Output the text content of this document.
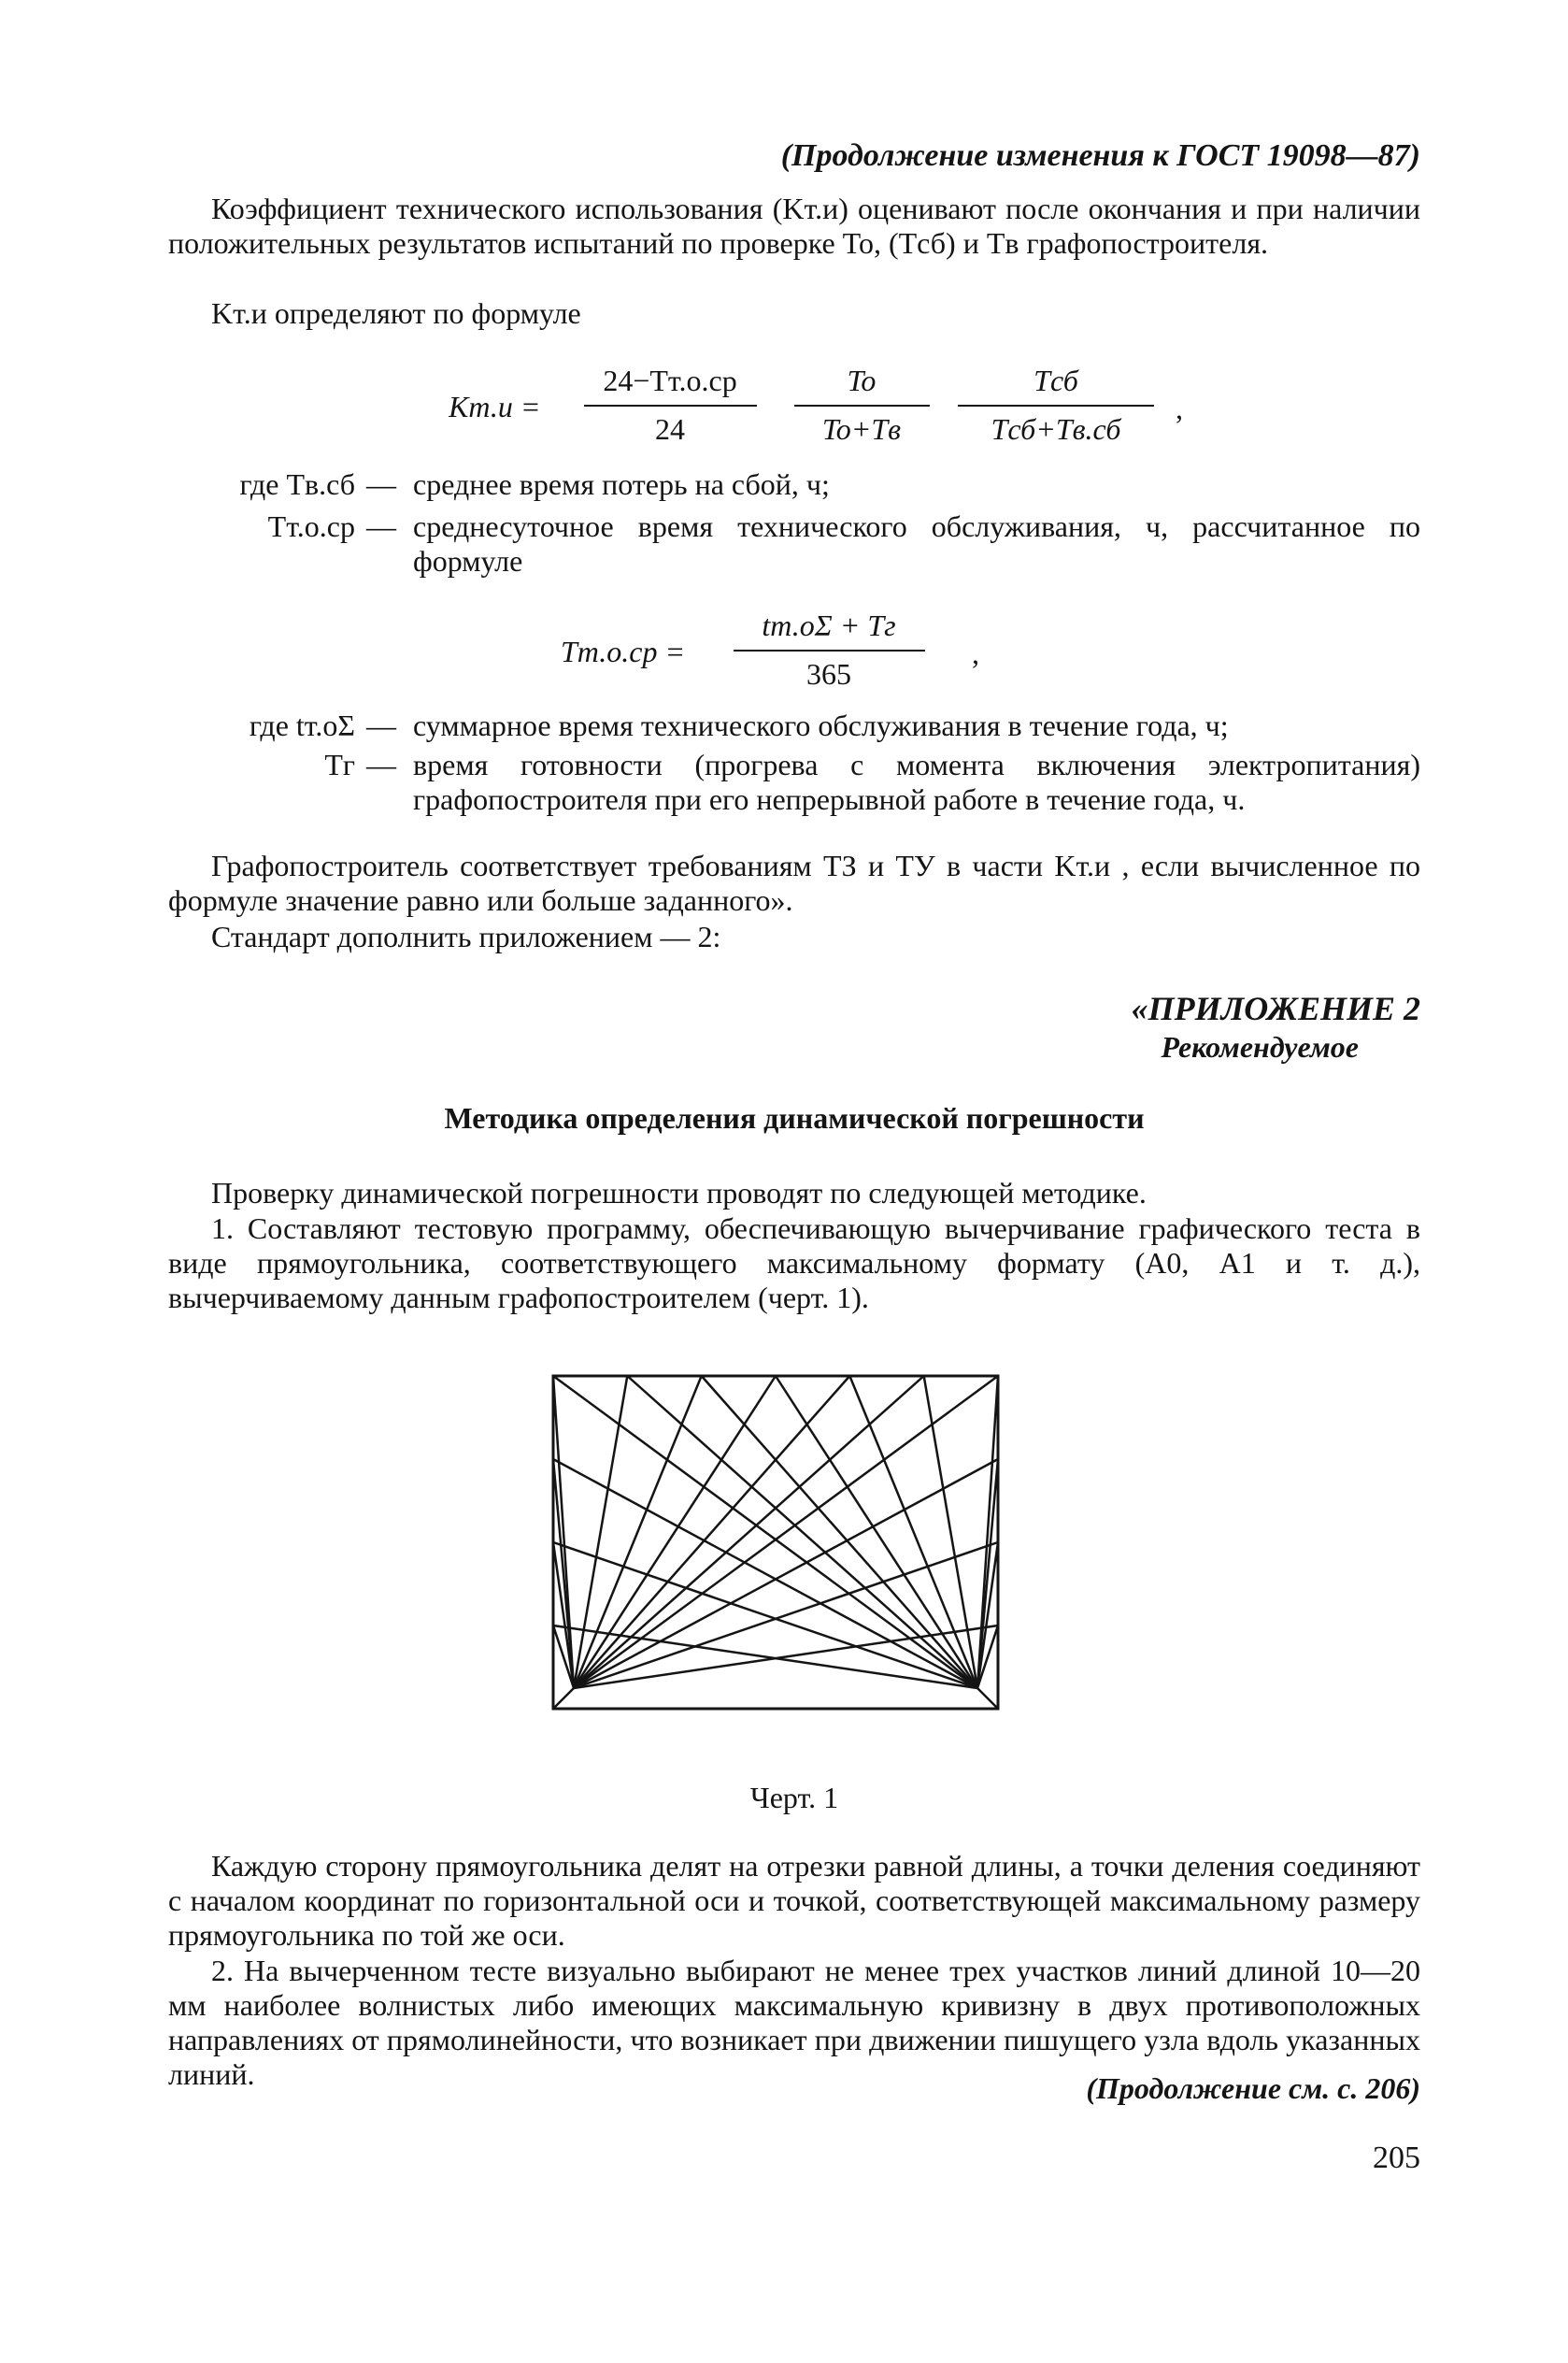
(Продолжение изменения к ГОСТ 19098—87)
Коэффициент технического использования (Kт.и) оценивают после окончания и при наличии положительных результатов испытаний по проверке To, (Tсб) и Tв графопостроителя.
Kт.и определяют по формуле
Kт.и =
24−Tт.о.ср
24
To
To+Tв
Tсб
Tсб+Tв.сб
,
где Tв.сб — среднее время потерь на сбой, ч;
Tт.о.ср — среднесуточное время технического обслуживания, ч, рассчитанное по формуле
Tт.о.ср =
tт.оΣ + Tг
365
,
где tт.оΣ — суммарное время технического обслуживания в течение года, ч;
Tг — время готовности (прогрева с момента включения электропитания) графопостроителя при его непрерывной работе в течение года, ч.
Графопостроитель соответствует требованиям ТЗ и ТУ в части Kт.и , если вычисленное по формуле значение равно или больше заданного».
Стандарт дополнить приложением — 2:
«ПРИЛОЖЕНИЕ 2
Рекомендуемое
Методика определения динамической погрешности
Проверку динамической погрешности проводят по следующей методике.
1. Составляют тестовую программу, обеспечивающую вычерчивание графического теста в виде прямоугольника, соответствующего максимальному формату (А0, А1 и т. д.), вычерчиваемому данным графопостроителем (черт. 1).
Черт. 1
Каждую сторону прямоугольника делят на отрезки равной длины, а точки деления соединяют с началом координат по горизонтальной оси и точкой, соответствующей максимальному размеру прямоугольника по той же оси.
2. На вычерченном тесте визуально выбирают не менее трех участков линий длиной 10—20 мм наиболее волнистых либо имеющих максимальную кривизну в двух противоположных направлениях от прямолинейности, что возникает при движении пишущего узла вдоль указанных линий.	(Продолжение см. с. 206)
205
